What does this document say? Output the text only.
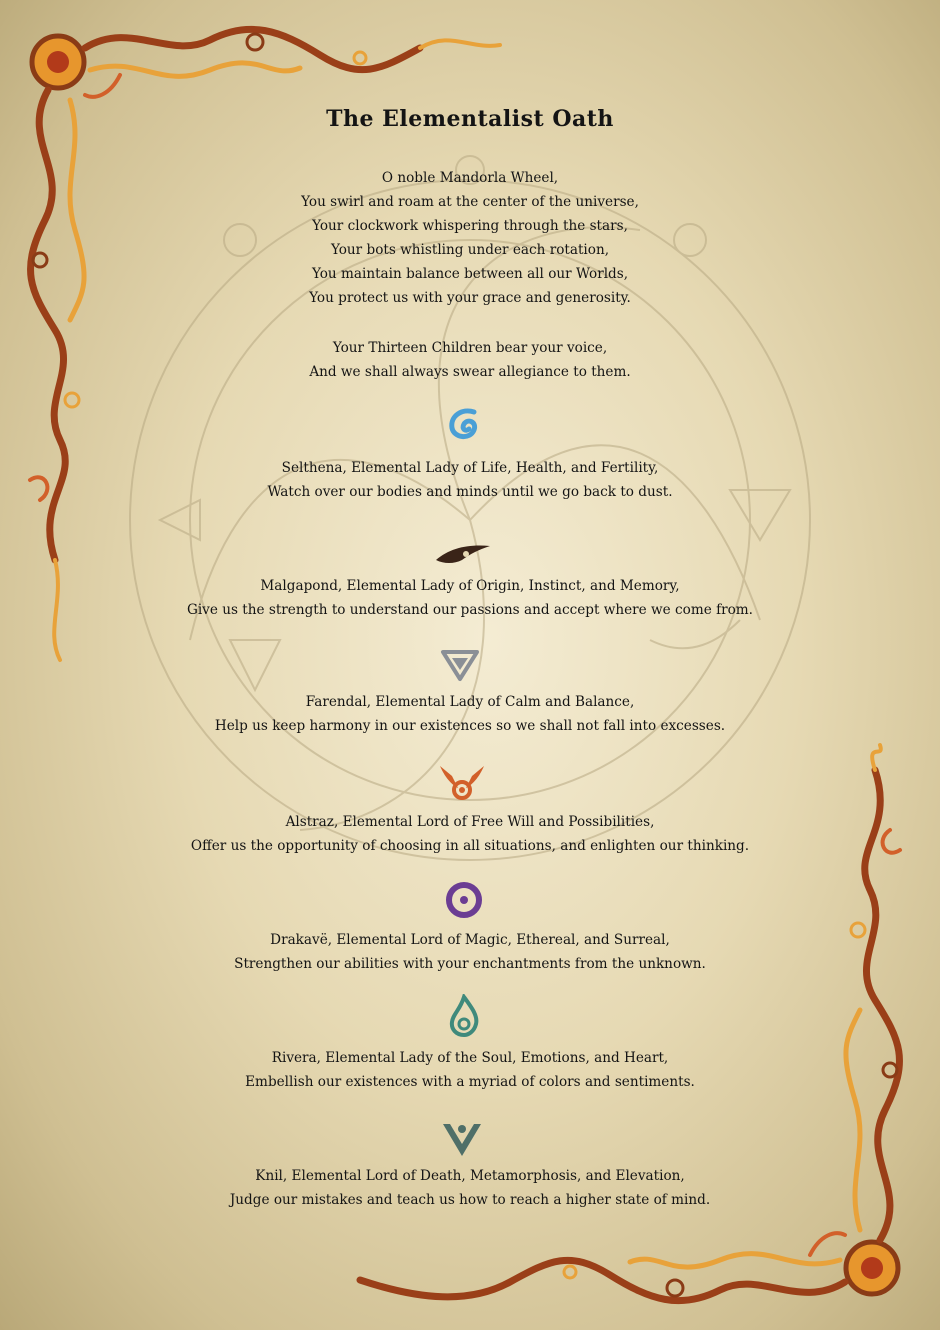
The Elementalist Oath
O noble Mandorla Wheel,
You swirl and roam at the center of the universe,
Your clockwork whispering through the stars,
Your bots whistling under each rotation,
You maintain balance between all our Worlds,
You protect us with your grace and generosity.
Your Thirteen Children bear your voice,
And we shall always swear allegiance to them.
Selthena, Elemental Lady of Life, Health, and Fertility,
Watch over our bodies and minds until we go back to dust.
Malgapond, Elemental Lady of Origin, Instinct, and Memory,
Give us the strength to understand our passions and accept where we come from.
Farendal, Elemental Lady of Calm and Balance,
Help us keep harmony in our existences so we shall not fall into excesses.
Alstraz, Elemental Lord of Free Will and Possibilities,
Offer us the opportunity of choosing in all situations, and enlighten our thinking.
Drakavë, Elemental Lord of Magic, Ethereal, and Surreal,
Strengthen our abilities with your enchantments from the unknown.
Rivera, Elemental Lady of the Soul, Emotions, and Heart,
Embellish our existences with a myriad of colors and sentiments.
Knil, Elemental Lord of Death, Metamorphosis, and Elevation,
Judge our mistakes and teach us how to reach a higher state of mind.
